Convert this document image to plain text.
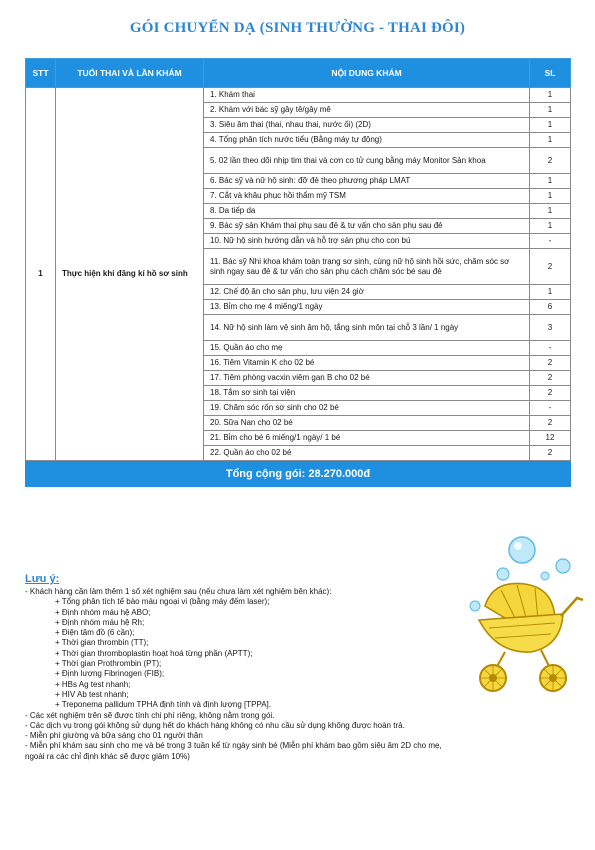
GÓI CHUYỂN DẠ (SINH THƯỜNG - THAI ĐÔI)
STT	TUỔI THAI VÀ LẦN KHÁM	NỘI DUNG KHÁM	SL
1	Thực hiện khi đăng kí hồ sơ sinh	1. Khám thai	1
		2. Khám với bác sỹ gây tê/gây mê	1
		3. Siêu âm thai (thai, nhau thai, nước ối) (2D)	1
		4. Tổng phân tích nước tiểu (Bằng máy tự động)	1
		5. 02 lần theo dõi nhịp tim thai và cơn co tử cung bằng máy Monitor Sản khoa	2
		6. Bác sỹ và nữ hộ sinh: đỡ đẻ theo phương pháp LMAT	1
		7. Cắt và khâu phục hồi thẩm mỹ TSM	1
		8. Da tiếp da	1
		9. Bác sỹ sản Khám thai phụ sau đẻ & tư vấn cho sản phụ sau đẻ	1
		10. Nữ hộ sinh hướng dẫn và hỗ trợ sản phụ cho con bú	-
		11. Bác sỹ Nhi khoa khám toàn trạng sơ sinh, cùng nữ hộ sinh hồi sức, chăm sóc sơ sinh ngay sau đẻ & tư vấn cho sản phụ cách chăm sóc bé sau đẻ	2
		12. Chế độ ăn cho sản phụ, lưu viện 24 giờ	1
		13. Bỉm cho mẹ 4 miếng/1 ngày	6
		14. Nữ hộ sinh làm vệ sinh âm hộ, tắng sinh môn tại chỗ 3 lần/ 1 ngày	3
		15. Quần áo cho mẹ	-
		16. Tiêm Vitamin K cho 02 bé	2
		17. Tiêm phòng vacxin viêm gan B cho 02 bé	2
		18. Tắm sơ sinh tại viện	2
		19. Chăm sóc rốn sơ sinh cho 02 bé	-
		20. Sữa Nan cho 02 bé	2
		21. Bỉm cho bé 6 miếng/1 ngày/ 1 bé	12
		22. Quần áo cho 02 bé	2
Tổng cộng gói: 28.270.000đ			
Lưu ý:
- Khách hàng cần làm thêm 1 số xét nghiệm sau (nếu chưa làm xét nghiệm bên khác):
+ Tổng phân tích tế bào máu ngoại vi (bằng máy đếm laser);
+ Định nhóm máu hệ ABO;
+ Định nhóm máu hệ Rh;
+ Điện tâm đồ (6 cần);
+ Thời gian thrombin (TT);
+ Thời gian thromboplastin hoạt hoá từng phần (APTT);
+ Thời gian Prothrombin (PT);
+ Định lượng Fibrinogen (FIB);
+ HBs Ag test nhanh;
+ HIV Ab test nhanh;
+ Treponema pallidum TPHA định tính và định lượng [TPPA].
- Các xét nghiệm trên sẽ được tính chi phí riêng, không nằm trong gói.
- Các dịch vụ trong gói không sử dụng hết do khách hàng không có nhu cầu sử dụng không được hoàn trả.
- Miễn phí giường và bữa sáng cho 01 người thân
- Miễn phí khám sau sinh cho mẹ và bé trong 3 tuần kể từ ngày sinh bé (Miễn phí khám bao gồm siêu âm 2D cho mẹ, ngoài ra các chỉ định khác sẽ được giảm 10%)
